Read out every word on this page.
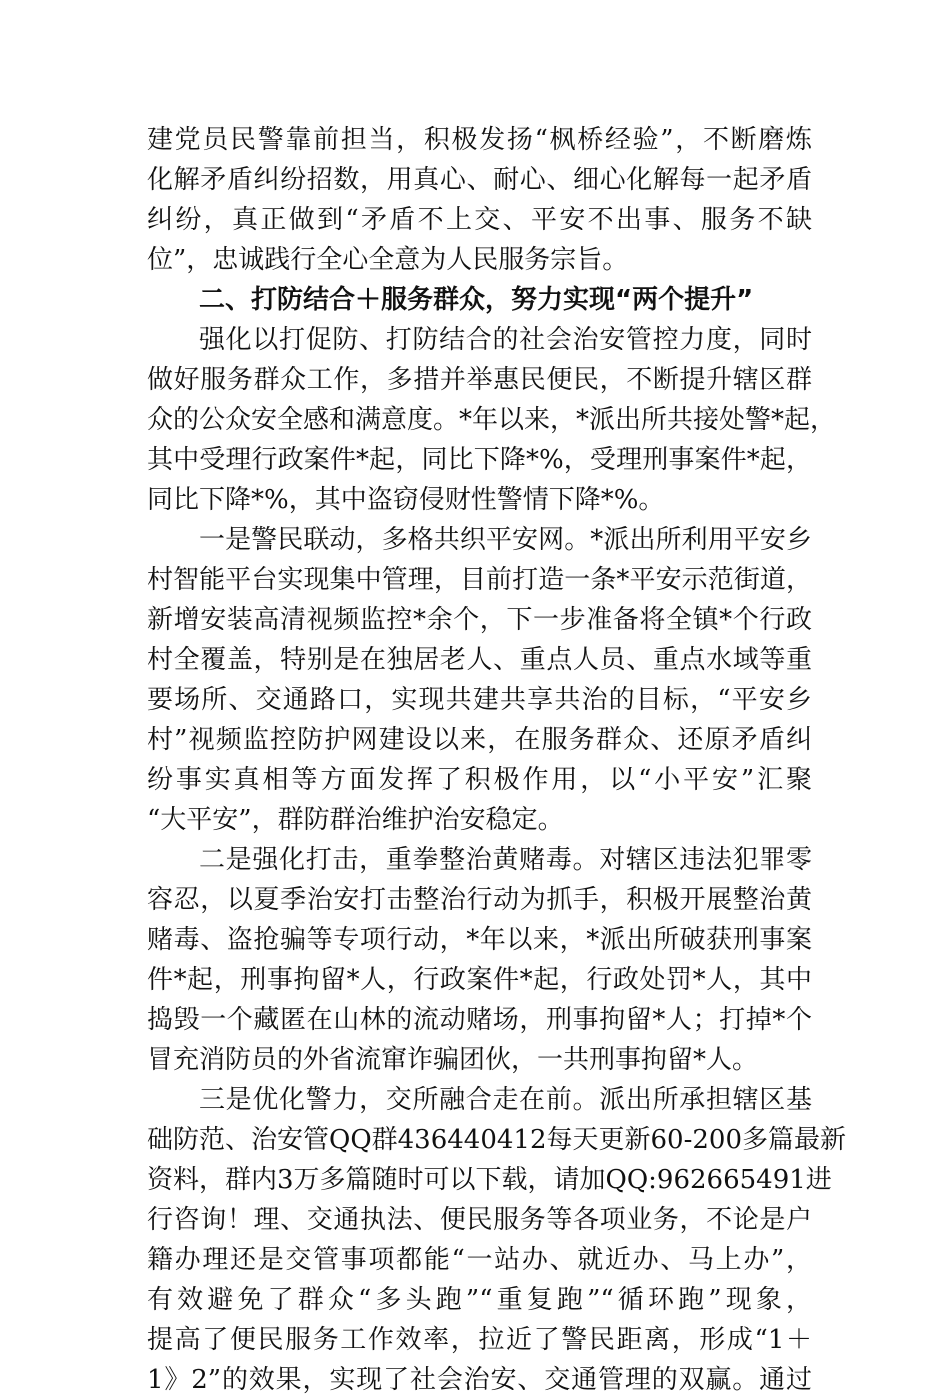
建党员民警靠前担当，积极发扬“枫桥经验”，不断磨炼
化解矛盾纠纷招数，用真心、耐心、细心化解每一起矛盾
纠纷，真正做到“矛盾不上交、平安不出事、服务不缺
位”，忠诚践行全心全意为人民服务宗旨。
二、打防结合＋服务群众，努力实现“两个提升”
强化以打促防、打防结合的社会治安管控力度，同时
做好服务群众工作，多措并举惠民便民，不断提升辖区群
众的公众安全感和满意度。*年以来，*派出所共接处警*起，
其中受理行政案件*起，同比下降*%，受理刑事案件*起，
同比下降*%，其中盗窃侵财性警情下降*%。
一是警民联动，多格共织平安网。*派出所利用平安乡
村智能平台实现集中管理，目前打造一条*平安示范街道，
新增安装高清视频监控*余个，下一步准备将全镇*个行政
村全覆盖，特别是在独居老人、重点人员、重点水域等重
要场所、交通路口，实现共建共享共治的目标，“平安乡
村”视频监控防护网建设以来，在服务群众、还原矛盾纠
纷事实真相等方面发挥了积极作用，以“小平安”汇聚
“大平安”，群防群治维护治安稳定。
二是强化打击，重拳整治黄赌毒。对辖区违法犯罪零
容忍，以夏季治安打击整治行动为抓手，积极开展整治黄
赌毒、盗抢骗等专项行动，*年以来，*派出所破获刑事案
件*起，刑事拘留*人，行政案件*起，行政处罚*人，其中
捣毁一个藏匿在山林的流动赌场，刑事拘留*人；打掉*个
冒充消防员的外省流窜诈骗团伙，一共刑事拘留*人。
三是优化警力，交所融合走在前。派出所承担辖区基
础防范、治安管QQ群436440412每天更新60-200多篇最新
资料，群内3万多篇随时可以下载，请加QQ:962665491进
行咨询！理、交通执法、便民服务等各项业务，不论是户
籍办理还是交管事项都能“一站办、就近办、马上办”，
有效避免了群众“多头跑”“重复跑”“循环跑”现象，
提高了便民服务工作效率，拉近了警民距离，形成“1＋
1》2”的效果，实现了社会治安、交通管理的双赢。通过
